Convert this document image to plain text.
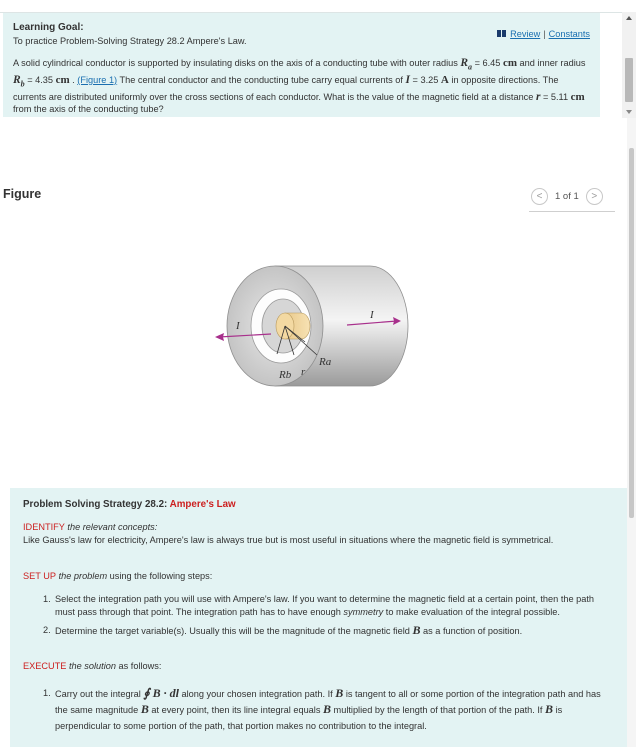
Learning Goal:
To practice Problem-Solving Strategy 28.2 Ampere's Law.
Review | Constants
A solid cylindrical conductor is supported by insulating disks on the axis of a conducting tube with outer radius $R_a = 6.45$ cm and inner radius $R_b = 4.35$ cm . (Figure 1) The central conductor and the conducting tube carry equal currents of I = 3.25 A in opposite directions. The currents are distributed uniformly over the cross sections of each conductor. What is the value of the magnetic field at a distance r = 5.11 cm from the axis of the conducting tube?
Figure	<	1 of 1	>
I
I
Ra
Rb r
Problem Solving Strategy 28.2: Ampere's Law
IDENTIFY the relevant concepts:
Like Gauss's law for electricity, Ampere's law is always true but is most useful in situations where the magnetic field is symmetrical.
SET UP the problem using the following steps:
1. Select the integration path you will use with Ampere's law. If you want to determine the magnetic field at a certain point, then the path must pass through that point. The integration path has to have enough symmetry to make evaluation of the integral possible.
2. Determine the target variable(s). Usually this will be the magnitude of the magnetic field B as a function of position.
EXECUTE the solution as follows:
1. Carry out the integral ∮ B · dl along your chosen integration path. If B is tangent to all or some portion of the integration path and has the same magnitude B at every point, then its line integral equals B multiplied by the length of that portion of the path. If B is perpendicular to some portion of the path, that portion makes no contribution to the integral.
